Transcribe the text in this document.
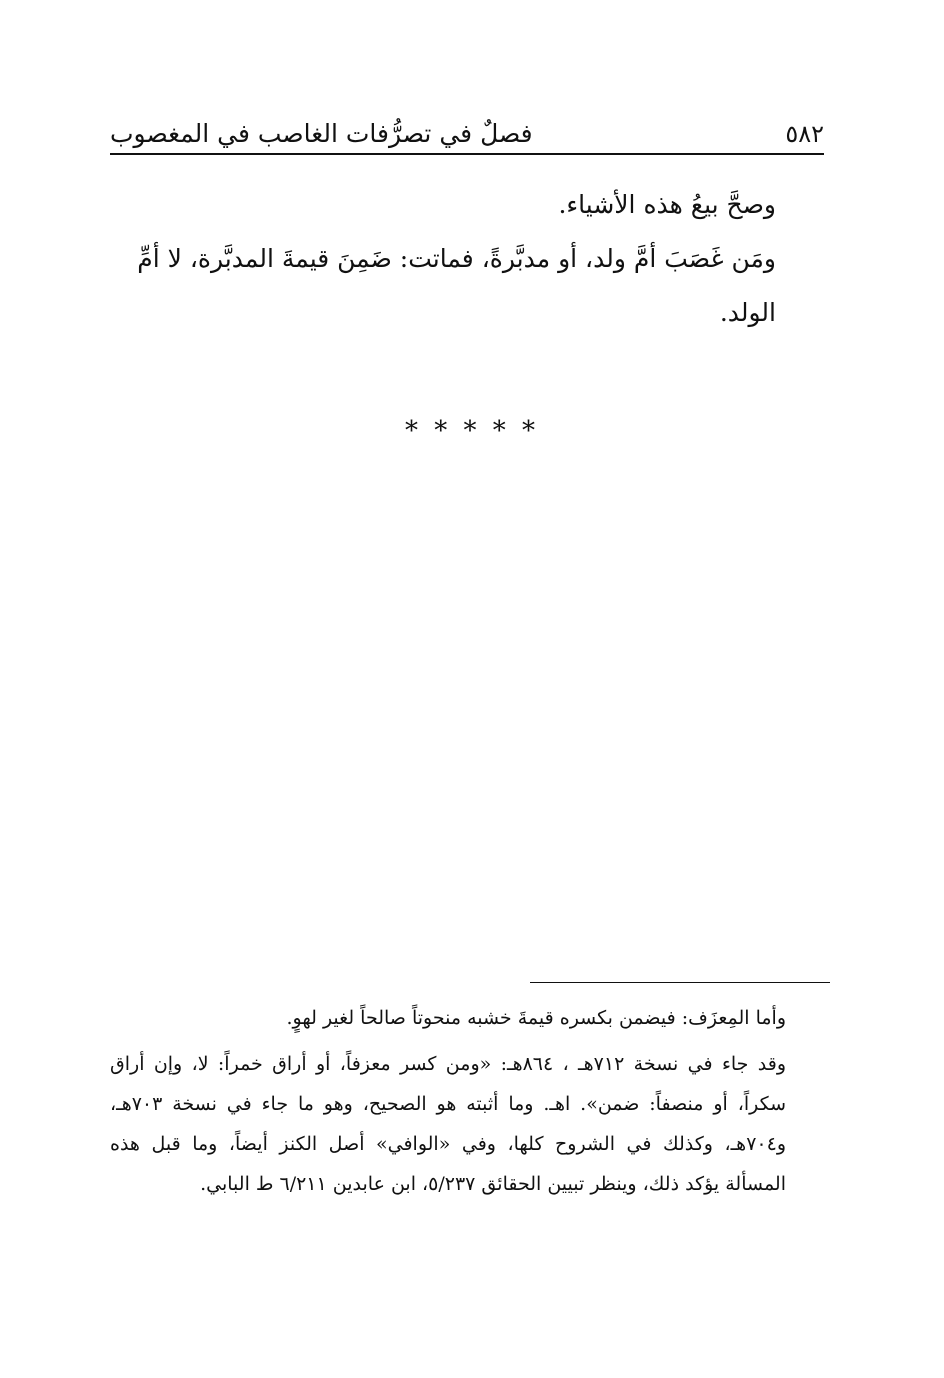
٥٨٢
فصلٌ في تصرُّفات الغاصب في المغصوب

وصحَّ بيعُ هذه الأشياء.

ومَن غَصَبَ أمَّ ولد، أو مدبَّرةً، فماتت: ضَمِنَ قيمةَ المدبَّرة، لا أمِّ الولد.

* * * * *

وأما المِعزَف: فيضمن بكسره قيمةَ خشبه منحوتاً صالحاً لغير لهوٍ.

وقد جاء في نسخة ٧١٢هـ ، ٨٦٤هـ: «ومن كسر معزفاً، أو أراق خمراً: لا، وإن أراق سكراً، أو منصفاً: ضمن». اهـ. وما أثبته هو الصحيح، وهو ما جاء في نسخة ٧٠٣هـ، و٧٠٤هـ، وكذلك في الشروح كلها، وفي «الوافي» أصل الكنز أيضاً، وما قبل هذه المسألة يؤكد ذلك، وينظر تبيين الحقائق ٥/٢٣٧، ابن عابدين ٦/٢١١ ط البابي.
